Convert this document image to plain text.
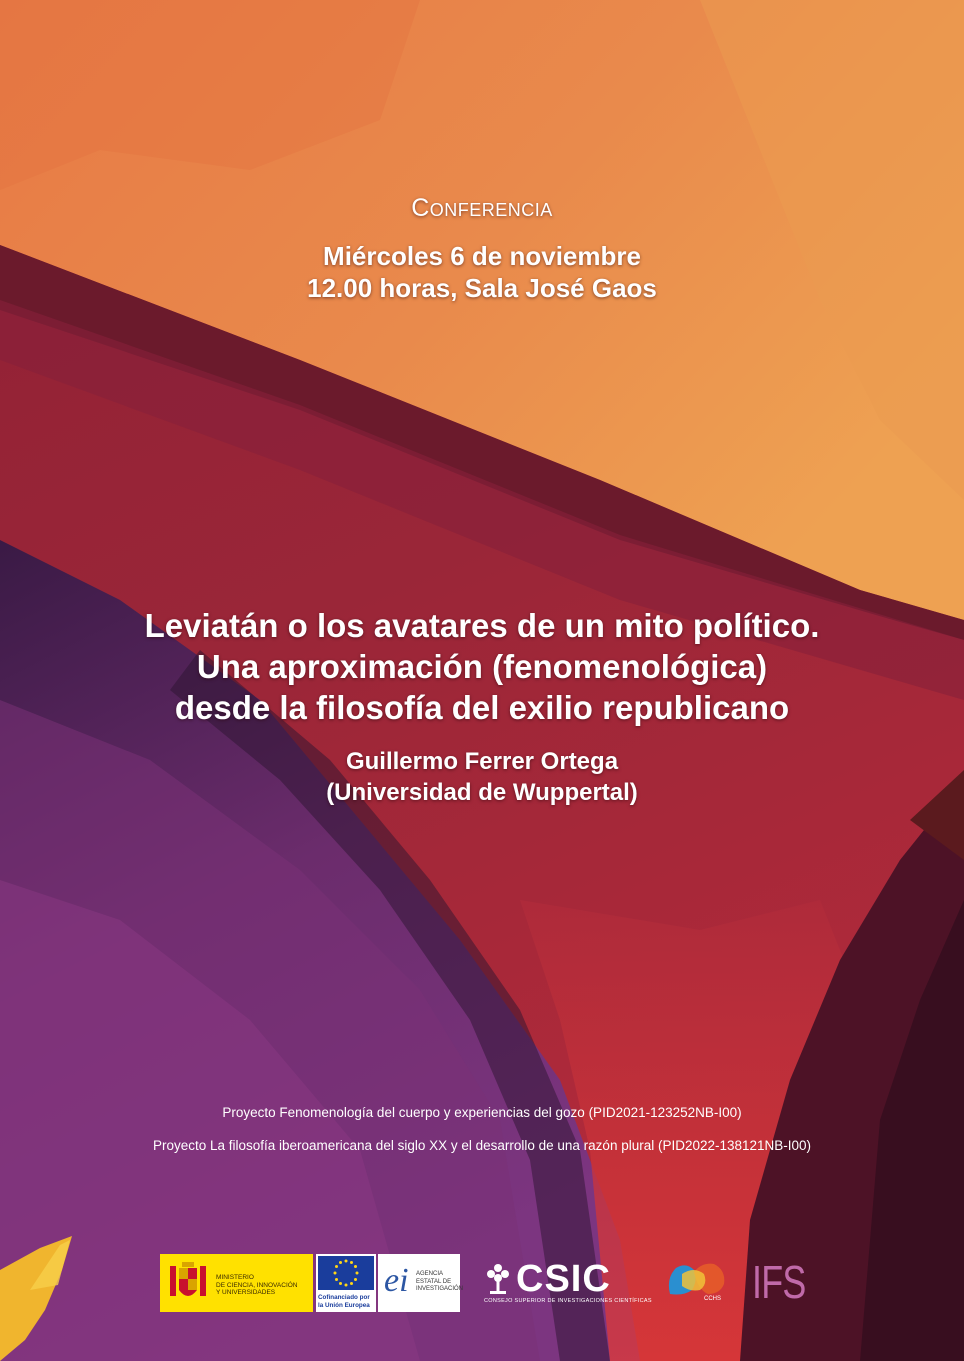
Conferencia
Miércoles 6 de noviembre
12.00 horas, Sala José Gaos
Leviatán o los avatares de un mito político.
Una aproximación (fenomenológica)
desde la filosofía del exilio republicano
Guillermo Ferrer Ortega
(Universidad de Wuppertal)
Proyecto Fenomenología del cuerpo y experiencias del gozo (PID2021-123252NB-I00)
Proyecto La filosofía iberoamericana del siglo XX y el desarrollo de una razón plural (PID2022-138121NB-I00)
MINISTERIO
DE CIENCIA, INNOVACIÓN
Y UNIVERSIDADES
Cofinanciado por
la Unión Europea
ei AGENCIA
ESTATAL DE
INVESTIGACIÓN CSIC
CONSEJO SUPERIOR DE INVESTIGACIONES CIENTÍFICAS	CCHS IFS
